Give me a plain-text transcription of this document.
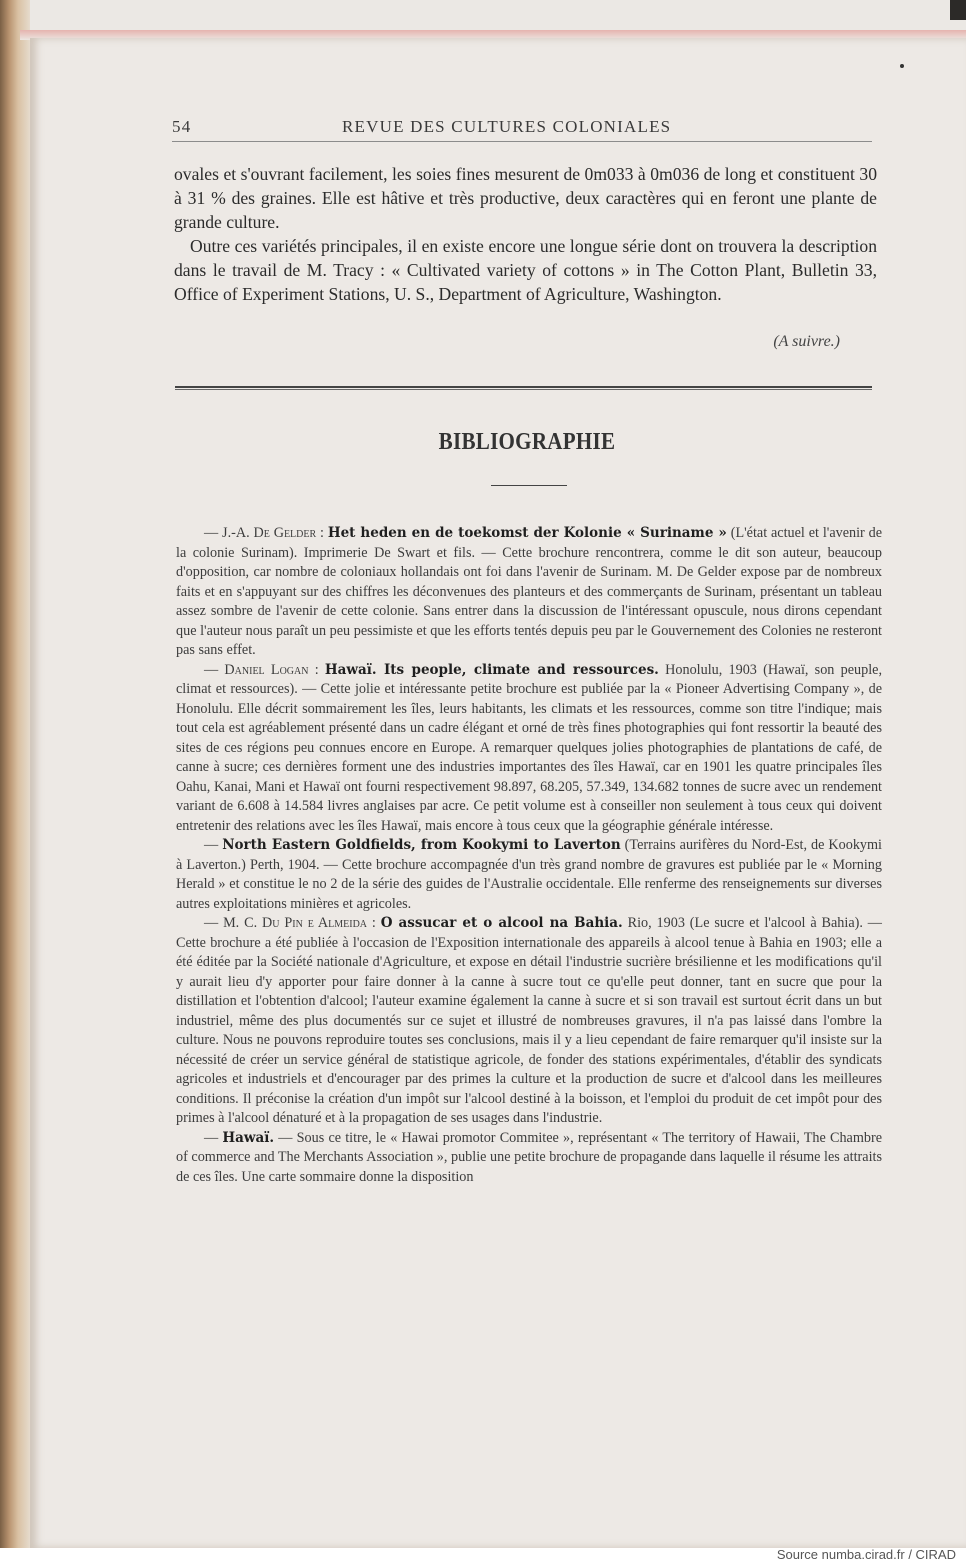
54	REVUE DES CULTURES COLONIALES

ovales et s'ouvrant facilement, les soies fines mesurent de 0m033 à 0m036 de long et constituent 30 à 31 % des graines. Elle est hâtive et très productive, deux caractères qui en feront une plante de grande culture.

Outre ces variétés principales, il en existe encore une longue série dont on trouvera la description dans le travail de M. Tracy : « Cultivated variety of cottons » in The Cotton Plant, Bulletin 33, Office of Experiment Stations, U. S., Department of Agriculture, Washington.

(A suivre.)
BIBLIOGRAPHIE

— J.-A. De Gelder : Het heden en de toekomst der Kolonie « Suriname » (L'état actuel et l'avenir de la colonie Surinam). Imprimerie De Swart et fils. — Cette brochure rencontrera, comme le dit son auteur, beaucoup d'opposition, car nombre de coloniaux hollandais ont foi dans l'avenir de Surinam. M. De Gelder expose par de nombreux faits et en s'appuyant sur des chiffres les déconvenues des planteurs et des commerçants de Surinam, présentant un tableau assez sombre de l'avenir de cette colonie. Sans entrer dans la discussion de l'intéressant opuscule, nous dirons cependant que l'auteur nous paraît un peu pessimiste et que les efforts tentés depuis peu par le Gouvernement des Colonies ne resteront pas sans effet.

— Daniel Logan : Hawaï. Its people, climate and ressources. Honolulu, 1903 (Hawaï, son peuple, climat et ressources). — Cette jolie et intéressante petite brochure est publiée par la « Pioneer Advertising Company », de Honolulu. Elle décrit sommairement les îles, leurs habitants, les climats et les ressources, comme son titre l'indique; mais tout cela est agréablement présenté dans un cadre élégant et orné de très fines photographies qui font ressortir la beauté des sites de ces régions peu connues encore en Europe. A remarquer quelques jolies photographies de plantations de café, de canne à sucre; ces dernières forment une des industries importantes des îles Hawaï, car en 1901 les quatre principales îles Oahu, Kanai, Mani et Hawaï ont fourni respectivement 98.897, 68.205, 57.349, 134.682 tonnes de sucre avec un rendement variant de 6.608 à 14.584 livres anglaises par acre. Ce petit volume est à conseiller non seulement à tous ceux qui doivent entretenir des relations avec les îles Hawaï, mais encore à tous ceux que la géographie générale intéresse.

— North Eastern Goldfields, from Kookymi to Laverton (Terrains aurifères du Nord-Est, de Kookymi à Laverton.) Perth, 1904. — Cette brochure accompagnée d'un très grand nombre de gravures est publiée par le « Morning Herald » et constitue le no 2 de la série des guides de l'Australie occidentale. Elle renferme des renseignements sur diverses autres exploitations minières et agricoles.

— M. C. Du Pin e Almeida : O assucar et o alcool na Bahia. Rio, 1903 (Le sucre et l'alcool à Bahia). — Cette brochure a été publiée à l'occasion de l'Exposition internationale des appareils à alcool tenue à Bahia en 1903; elle a été éditée par la Société nationale d'Agriculture, et expose en détail l'industrie sucrière brésilienne et les modifications qu'il y aurait lieu d'y apporter pour faire donner à la canne à sucre tout ce qu'elle peut donner, tant en sucre que pour la distillation et l'obtention d'alcool; l'auteur examine également la canne à sucre et si son travail est surtout écrit dans un but industriel, même des plus documentés sur ce sujet et illustré de nombreuses gravures, il n'a pas laissé dans l'ombre la culture. Nous ne pouvons reproduire toutes ses conclusions, mais il y a lieu cependant de faire remarquer qu'il insiste sur la nécessité de créer un service général de statistique agricole, de fonder des stations expérimentales, d'établir des syndicats agricoles et industriels et d'encourager par des primes la culture et la production de sucre et d'alcool dans les meilleures conditions. Il préconise la création d'un impôt sur l'alcool destiné à la boisson, et l'emploi du produit de cet impôt pour des primes à l'alcool dénaturé et à la propagation de ses usages dans l'industrie.

— Hawaï. — Sous ce titre, le « Hawai promotor Commitee », représentant « The territory of Hawaii, The Chambre of commerce and The Merchants Association », publie une petite brochure de propagande dans laquelle il résume les attraits de ces îles. Une carte sommaire donne la disposition

Source numba.cirad.fr / CIRAD
